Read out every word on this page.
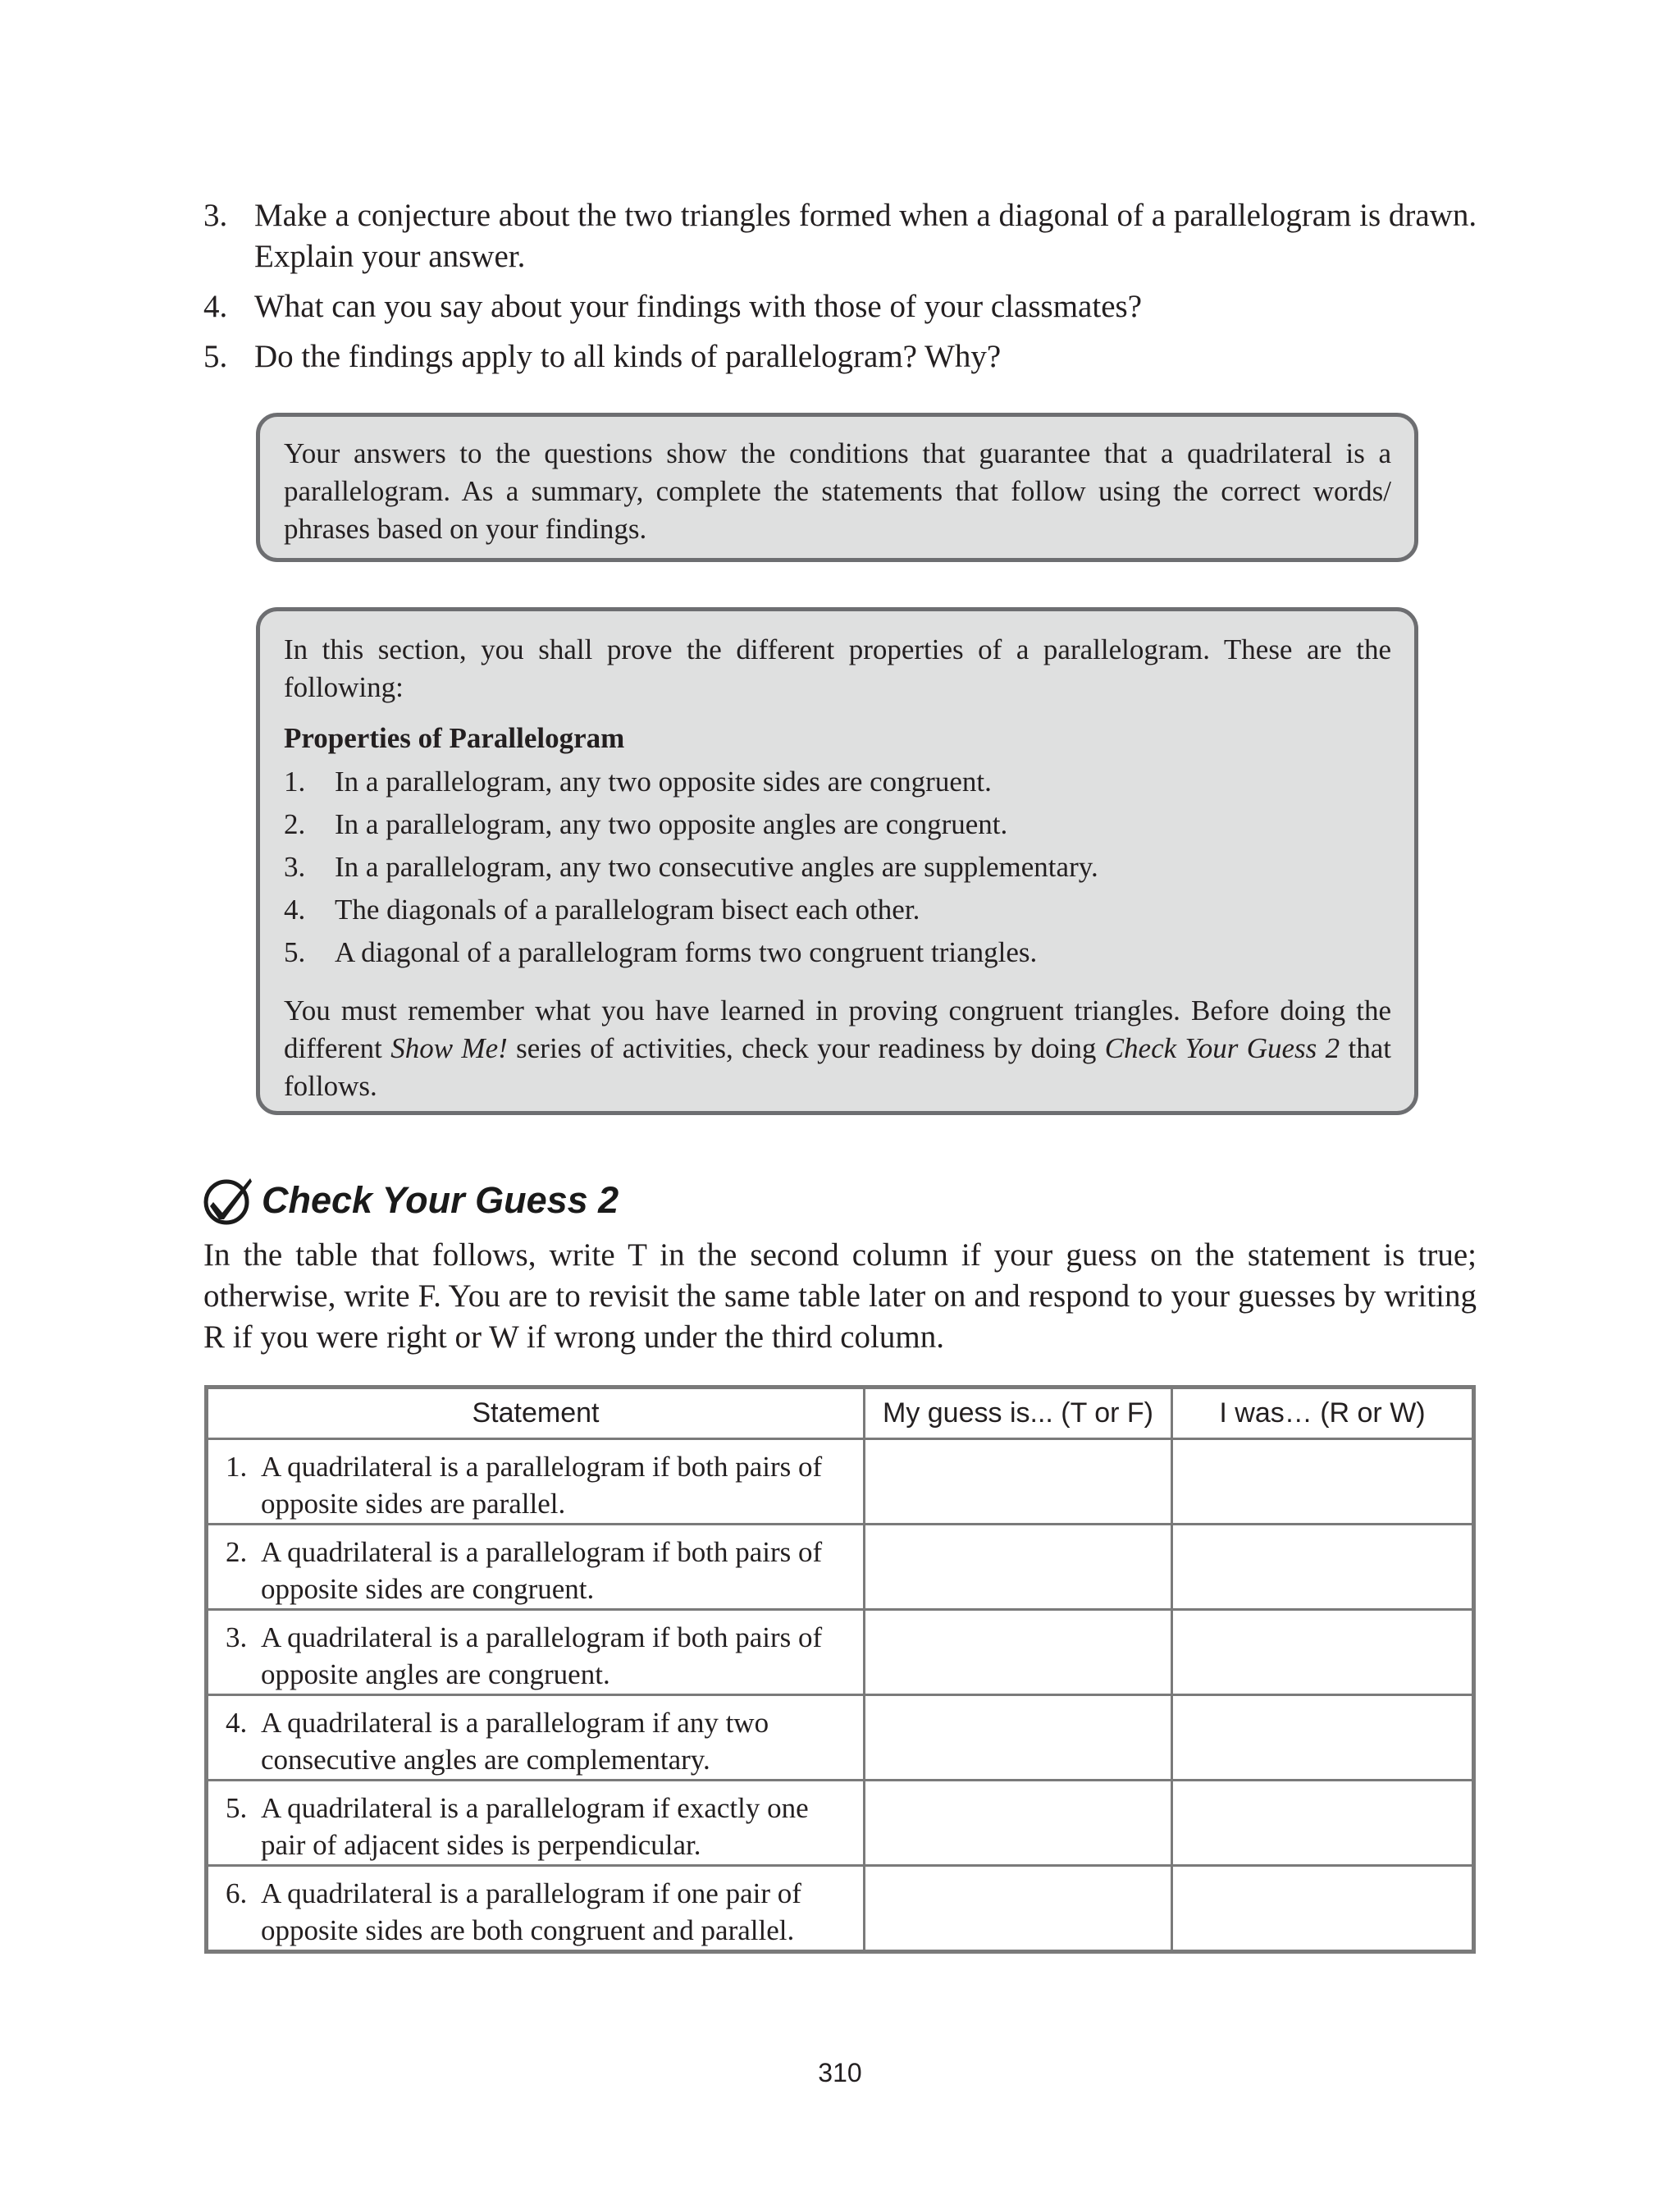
3. Make a conjecture about the two triangles formed when a diagonal of a parallelogram is drawn. Explain your answer.
4. What can you say about your findings with those of your classmates?
5. Do the findings apply to all kinds of parallelogram? Why?

Your answers to the questions show the conditions that guarantee that a quadrilateral is a parallelogram. As a summary, complete the statements that follow using the correct words/ phrases based on your findings.

In this section, you shall prove the different properties of a parallelogram. These are the following:

Properties of Parallelogram

1.	In a parallelogram, any two opposite sides are congruent.
2.	In a parallelogram, any two opposite angles are congruent.
3.	In a parallelogram, any two consecutive angles are supplementary.
4.	The diagonals of a parallelogram bisect each other.
5.	A diagonal of a parallelogram forms two congruent triangles.

You must remember what you have learned in proving congruent triangles. Before doing the different Show Me! series of activities, check your readiness by doing Check Your Guess 2 that follows.

Check Your Guess 2
In the table that follows, write T in the second column if your guess on the statement is true; otherwise, write F. You are to revisit the same table later on and respond to your guesses by writing R if you were right or W if wrong under the third column.
Statement	My guess is... (T or F)	I was… (R or W)

1. A quadrilateral is a parallelogram if both pairs of opposite sides are parallel.		

2. A quadrilateral is a parallelogram if both pairs of opposite sides are congruent.		

3. A quadrilateral is a parallelogram if both pairs of opposite angles are congruent.		

4. A quadrilateral is a parallelogram if any two consecutive angles are complementary.		

5. A quadrilateral is a parallelogram if exactly one pair of adjacent sides is perpendicular.		

6. A quadrilateral is a parallelogram if one pair of opposite sides are both congruent and parallel.		

310
